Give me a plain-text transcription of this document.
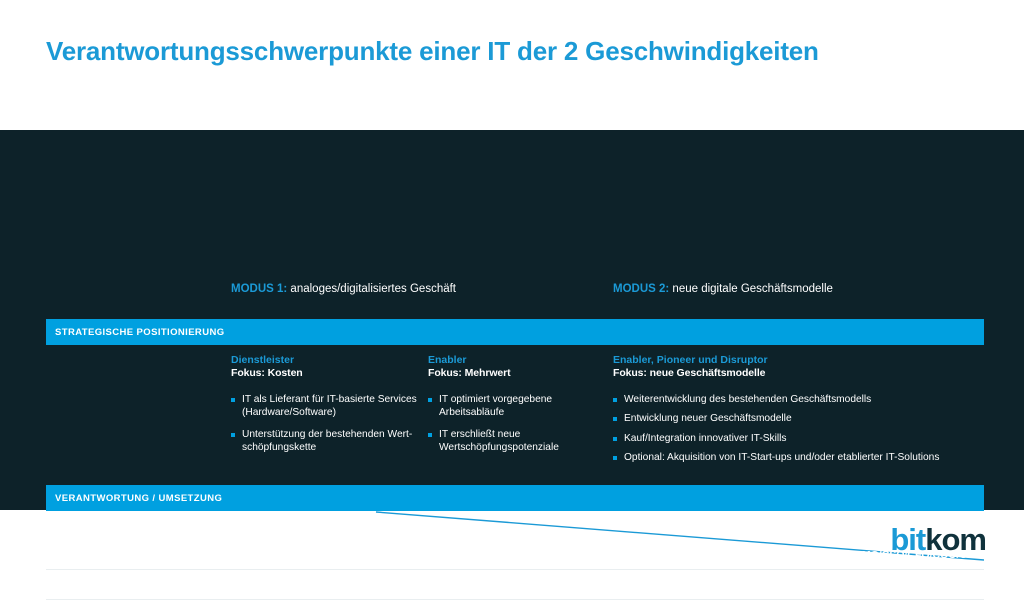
Verantwortungsschwerpunkte einer IT der 2 Geschwindigkeiten
MODUS 1: analoges/digitalisiertes Geschäft	MODUS 2: neue digitale Geschäftsmodelle
STRATEGISCHE POSITIONIERUNG
Dienstleister
Fokus: Kosten
IT als Lieferant für IT-basierte Services (Hardware/Software)
Unterstützung der bestehenden Wert-schöpfungskette
Enabler
Fokus: Mehrwert
IT optimiert vorgegebene Arbeitsabläufe
IT erschließt neue Wertschöpfungspotenziale
Enabler, Pioneer und Disruptor
Fokus: neue Geschäftsmodelle
Weiterentwicklung des bestehenden Geschäftsmodells
Entwicklung neuer Geschäftsmodelle
Kauf/Integration innovativer IT-Skills
Optional: Akquisition von IT-Start-ups und/oder etablierter IT-Solutions
VERANTWORTUNG / UMSETZUNG
CFO/COO/CIO
CEO/CDO/CHRO/CMO/CSO/CFO/COO/CIO
Evolutionär/inkrementell	Revolutionär/disruptiv
bitkom
